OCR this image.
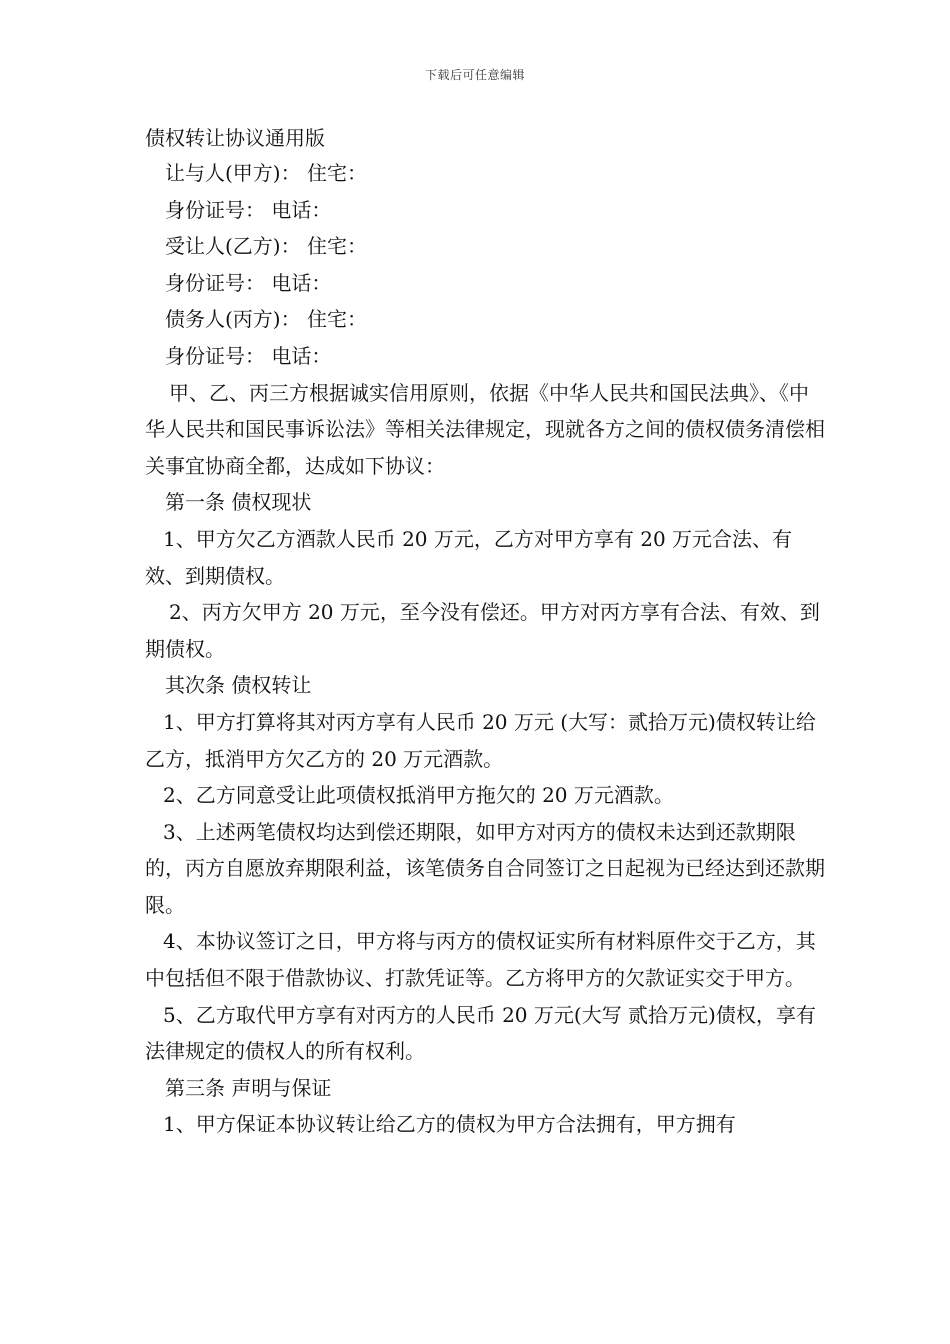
下载后可任意编辑
债权转让协议通用版

让与人(甲方)： 住宅：

身份证号： 电话：

受让人(乙方)： 住宅：

身份证号： 电话：

债务人(丙方)： 住宅：

身份证号： 电话：

甲、乙、丙三方根据诚实信用原则，依据《中华人民共和国民法典》、《中华人民共和国民事诉讼法》等相关法律规定，现就各方之间的债权债务清偿相关事宜协商全都，达成如下协议：

第一条 债权现状

1、甲方欠乙方酒款人民币 20 万元，乙方对甲方享有 20 万元合法、有效、到期债权。

2、丙方欠甲方 20 万元，至今没有偿还。甲方对丙方享有合法、有效、到期债权。

其次条 债权转让

1、甲方打算将其对丙方享有人民币 20 万元 (大写：贰拾万元)债权转让给乙方，抵消甲方欠乙方的 20 万元酒款。

2、乙方同意受让此项债权抵消甲方拖欠的 20 万元酒款。

3、上述两笔债权均达到偿还期限，如甲方对丙方的债权未达到还款期限的，丙方自愿放弃期限利益，该笔债务自合同签订之日起视为已经达到还款期限。

4、本协议签订之日，甲方将与丙方的债权证实所有材料原件交于乙方，其中包括但不限于借款协议、打款凭证等。乙方将甲方的欠款证实交于甲方。

5、乙方取代甲方享有对丙方的人民币 20 万元(大写 贰拾万元)债权，享有法律规定的债权人的所有权利。

第三条 声明与保证

1、甲方保证本协议转让给乙方的债权为甲方合法拥有，甲方拥有
